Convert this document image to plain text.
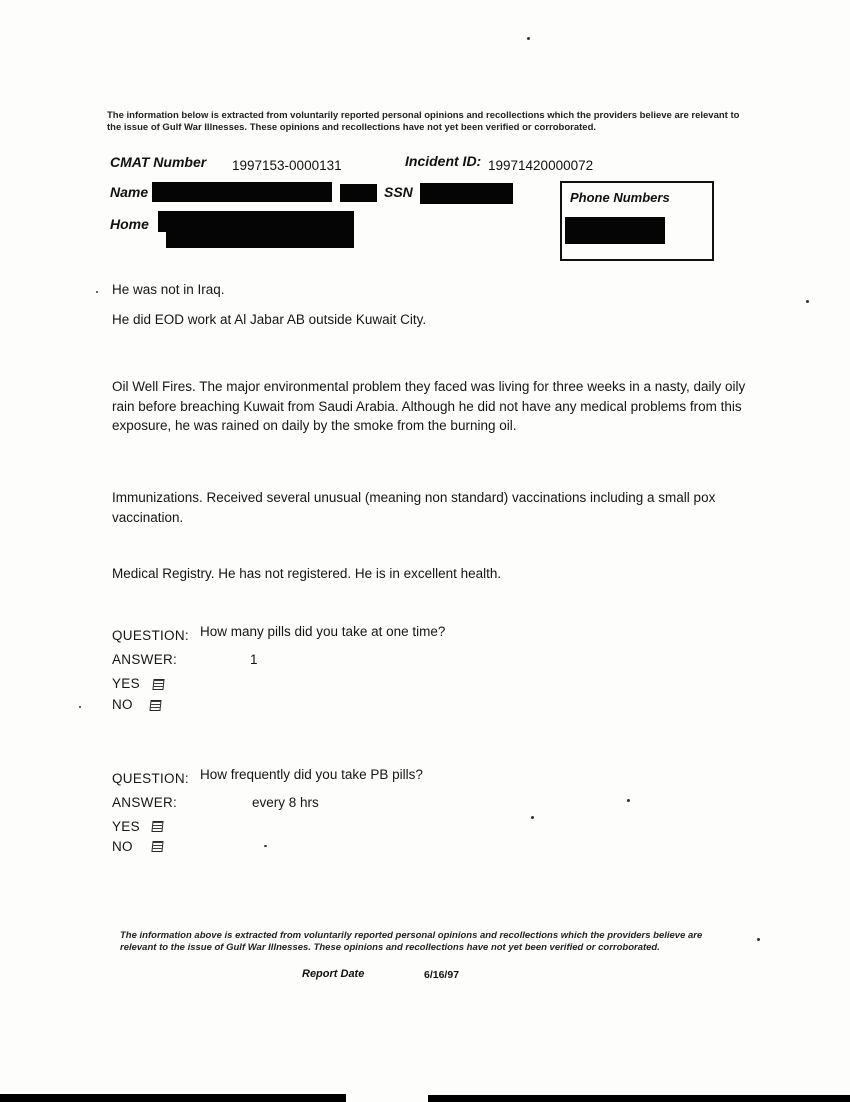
The information below is extracted from voluntarily reported personal opinions and recollections which the providers believe are relevant to the issue of Gulf War Illnesses. These opinions and recollections have not yet been verified or corroborated.
CMAT Number 1997153-0000131	Incident ID: 19971420000072
Name	SSN
Home
Phone Numbers
He was not in Iraq.
He did EOD work at Al Jabar AB outside Kuwait City.
Oil Well Fires. The major environmental problem they faced was living for three weeks in a nasty, daily oily rain before breaching Kuwait from Saudi Arabia. Although he did not have any medical problems from this exposure, he was rained on daily by the smoke from the burning oil.
Immunizations. Received several unusual (meaning non standard) vaccinations including a small pox vaccination.
Medical Registry. He has not registered. He is in excellent health.
QUESTION: How many pills did you take at one time?
ANSWER:	1
YES
NO
QUESTION: How frequently did you take PB pills?
ANSWER:	every 8 hrs
YES
NO
The information above is extracted from voluntarily reported personal opinions and recollections which the providers believe are relevant to the issue of Gulf War Illnesses. These opinions and recollections have not yet been verified or corroborated.
Report Date	6/16/97
